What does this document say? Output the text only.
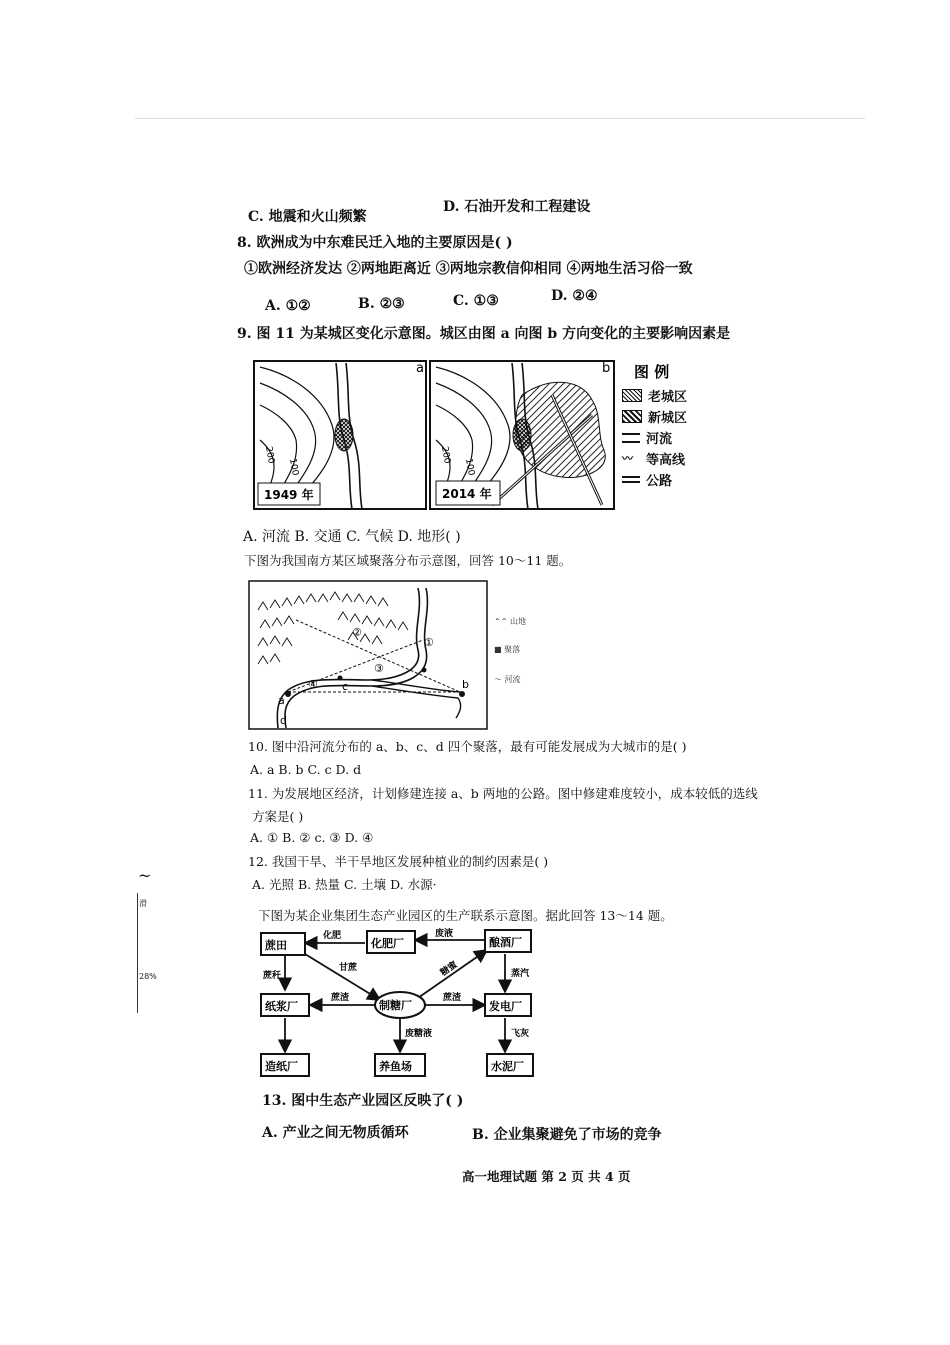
~
滑
28%
C. 地震和火山频繁
D. 石油开发和工程建设
8. 欧洲成为中东难民迁入地的主要原因是( )
①欧洲经济发达 ②两地距离近 ③两地宗教信仰相同 ④两地生活习俗一致
A. ①②	B. ②③	C. ①③	D. ②④
9. 图 11 为某城区变化示意图。城区由图 a 向图 b 方向变化的主要影响因素是
100
200
a
1949 年
100
200
b
2014 年
图 例
老城区
新城区
河流
〰	等高线
公路
A. 河流 B. 交通 C. 气候 D. 地形( )
下图为我国南方某区域聚落分布示意图，回答 10～11 题。
a
b
c
d
①
②
③
④
⌃⌃ 山地
■ 聚落
〜 河流
10. 图中沿河流分布的 a、b、c、d 四个聚落，最有可能发展成为大城市的是( )
A. a B. b C. c D. d
11. 为发展地区经济，计划修建连接 a、b 两地的公路。图中修建难度较小，成本较低的选线
方案是( )
A. ① B. ② c. ③ D. ④
12. 我国干旱、半干旱地区发展种植业的制约因素是( )
A. 光照 B. 热量 C. 土壤 D. 水源·
下图为某企业集团生态产业园区的生产联系示意图。据此回答 13～14 题。
蔗田	化肥厂	酿酒厂
纸浆厂	制糖厂	发电厂
造纸厂	养鱼场	水泥厂
化肥	废液
蔗秆
甘蔗	糖蜜
蔗渣	蔗渣
蒸汽
废糖液	飞灰
13. 图中生态产业园区反映了( )
A. 产业之间无物质循环	B. 企业集聚避免了市场的竞争
高一地理试题 第 2 页 共 4 页
